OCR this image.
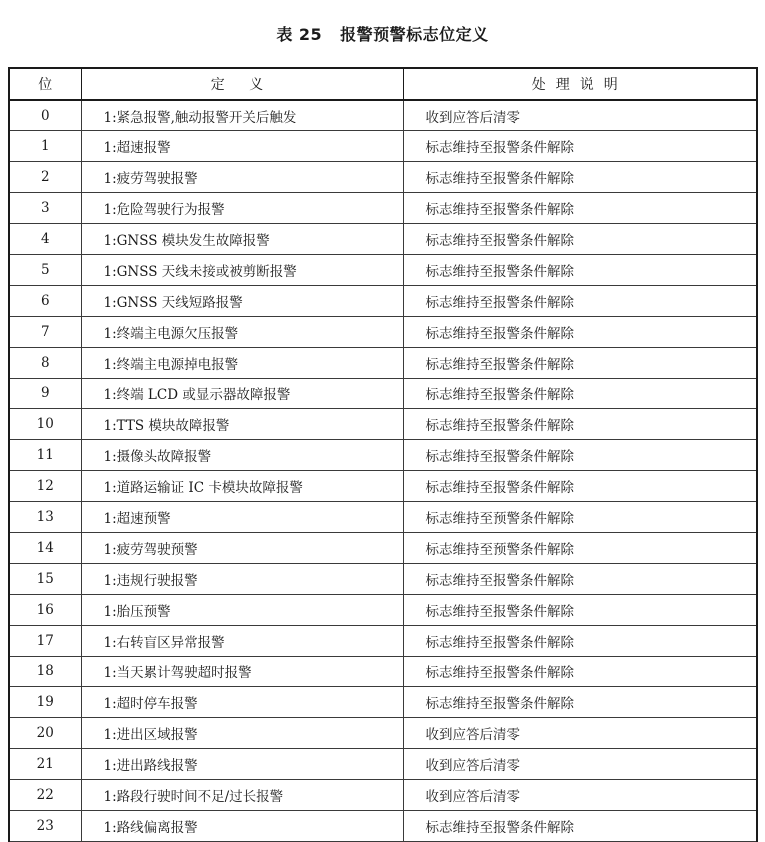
表 25 报警预警标志位定义
位	定 义	处理说明
0	1:紧急报警,触动报警开关后触发	收到应答后清零
1	1:超速报警	标志维持至报警条件解除
2	1:疲劳驾驶报警	标志维持至报警条件解除
3	1:危险驾驶行为报警	标志维持至报警条件解除
4	1:GNSS 模块发生故障报警	标志维持至报警条件解除
5	1:GNSS 天线未接或被剪断报警	标志维持至报警条件解除
6	1:GNSS 天线短路报警	标志维持至报警条件解除
7	1:终端主电源欠压报警	标志维持至报警条件解除
8	1:终端主电源掉电报警	标志维持至报警条件解除
9	1:终端 LCD 或显示器故障报警	标志维持至报警条件解除
10	1:TTS 模块故障报警	标志维持至报警条件解除
11	1:摄像头故障报警	标志维持至报警条件解除
12	1:道路运输证 IC 卡模块故障报警	标志维持至报警条件解除
13	1:超速预警	标志维持至预警条件解除
14	1:疲劳驾驶预警	标志维持至预警条件解除
15	1:违规行驶报警	标志维持至报警条件解除
16	1:胎压预警	标志维持至报警条件解除
17	1:右转盲区异常报警	标志维持至报警条件解除
18	1:当天累计驾驶超时报警	标志维持至报警条件解除
19	1:超时停车报警	标志维持至报警条件解除
20	1:进出区域报警	收到应答后清零
21	1:进出路线报警	收到应答后清零
22	1:路段行驶时间不足/过长报警	收到应答后清零
23	1:路线偏离报警	标志维持至报警条件解除
